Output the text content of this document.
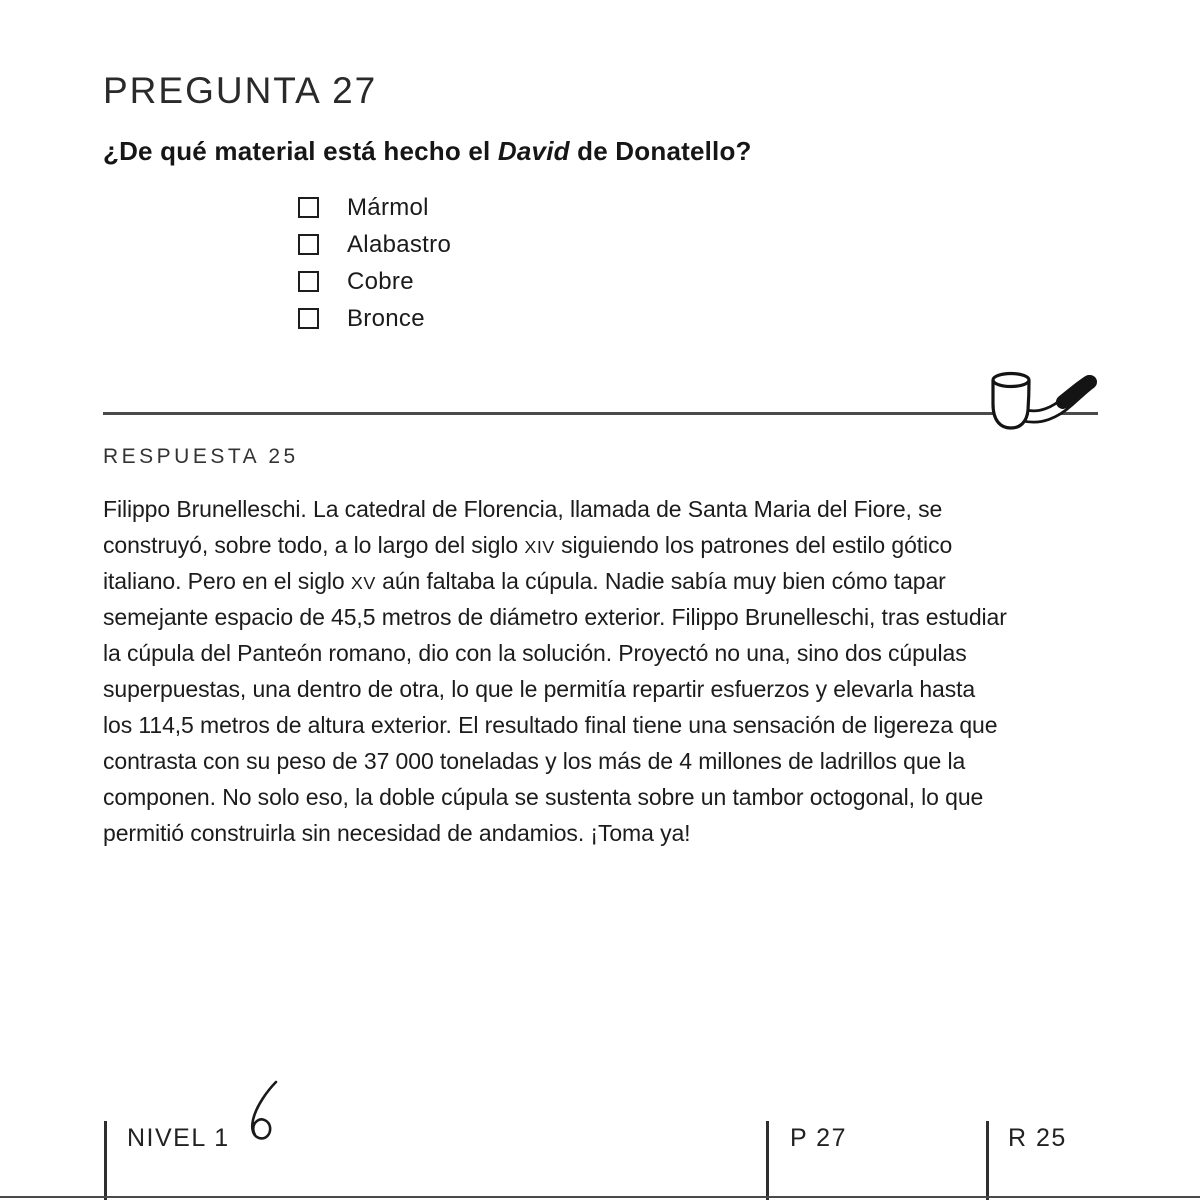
PREGUNTA 27
¿De qué material está hecho el David de Donatello?
Mármol
Alabastro
Cobre
Bronce
RESPUESTA 25
Filippo Brunelleschi. La catedral de Florencia, llamada de Santa Maria del Fiore, se
construyó, sobre todo, a lo largo del siglo XIV siguiendo los patrones del estilo gótico
italiano. Pero en el siglo XV aún faltaba la cúpula. Nadie sabía muy bien cómo tapar
semejante espacio de 45,5 metros de diámetro exterior. Filippo Brunelleschi, tras estudiar
la cúpula del Panteón romano, dio con la solución. Proyectó no una, sino dos cúpulas
superpuestas, una dentro de otra, lo que le permitía repartir esfuerzos y elevarla hasta
los 114,5 metros de altura exterior. El resultado final tiene una sensación de ligereza que
contrasta con su peso de 37 000 toneladas y los más de 4 millones de ladrillos que la
componen. No solo eso, la doble cúpula se sustenta sobre un tambor octogonal, lo que
permitió construirla sin necesidad de andamios. ¡Toma ya!
NIVEL 1	P 27	R 25
